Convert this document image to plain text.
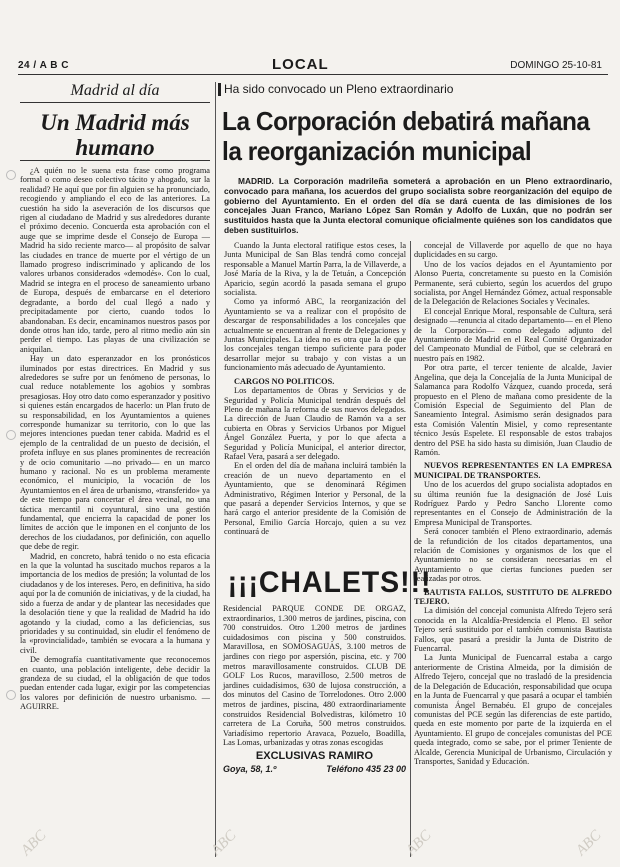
24 / A B C	LOCAL	DOMINGO 25-10-81
Madrid al día
Un Madrid más humano

¿A quién no le suena esta frase como programa formal o como deseo colectivo tácito y ahogado, sur la realidad? He aquí que por fin alguien se ha pronunciado, recogiendo y ampliando el eco de las anteriores. La cuestión ha sido la aseveración de los discursos que rigen al ciudadano de Madrid y sus alrededores durante el próximo decenio. Concuerda esta aprobación con el auge que se imprime desde el Consejo de Europa —Madrid ha sido reciente marco— al propósito de salvar las ciudades en trance de muerte por el vértigo de un llamado progreso indiscriminado y aplicando de los valores urbanos considerados «demodés». Con lo cual, Madrid se integra en el proceso de saneamiento urbano de Europa, después de embarcarse en el deterioro degradante, a bordo del cual llegó a nado y precipitadamente por cierto, cuando todos lo abandonaban. Es decir, encaminamos nuestros pasos por donde otros han ido, tarde, pero al ritmo medio aún sin perder el tiempo. Las playas de una civilización se aniquilan.

Hay un dato esperanzador en los pronósticos iluminados por estas directrices. En Madrid y sus alrededores se sufre por un fenómeno de personas, lo cual reduce notablemente los agobios y sombras presagiosas. Hoy otro dato como esperanzador y positivo si quienes están encargados de hacerlo: un Plan fruto de su responsabilidad, en los Ayuntamientos a quienes corresponde humanizar su territorio, con lo que las mejores intenciones puedan tener cabida. Madrid es el ejemplo de la centralidad de un puesto de decisión, el profeta influye en sus planes prominentes de recreación y de ocio comunitario —no privado— en un marco humano y racional. No es un problema meramente económico, el municipio, la vocación de los Ayuntamientos en el área de urbanismo, «transferido» ya de este tiempo para concertar el área vecinal, no una táctica mercantil ni coyuntural, sino una gestión fundamental, que encierra la capacidad de poner los límites de acción que le imponen en el conjunto de los derechos de los ciudadanos, por definición, con aquello que debe de regir.

Madrid, en concreto, habrá tenido o no esta eficacia en la que la voluntad ha suscitado muchos reparos a la importancia de los medios de presión; la voluntad de los ciudadanos y de los intereses. Pero, en definitiva, ha sido aquí por la de comunión de iniciativas, y de la ciudad, ha sido a fuerza de andar y de plantear las necesidades que la desolación tiene y que la realidad de Madrid ha ido agotando y la ciudad, como a las deficiencias, sus prioridades y su continuidad, sin eludir el fenómeno de la «provincialidad», también se evocara a la humana y civil.

De demografía cuantitativamente que reconocemos en cuanto, una población inteligente, debe decidir la grandeza de su ciudad, el la obligación de que todos puedan entender cada lugar, exigir por las competencias los valores por definición de nuestro urbanismo. —AGUIRRE.

Ha sido convocado un Pleno extraordinario
La Corporación debatirá mañana la reorganización municipal

MADRID. La Corporación madrileña someterá a aprobación en un Pleno extraordinario, convocado para mañana, los acuerdos del grupo socialista sobre reorganización del equipo de gobierno del Ayuntamiento. En el orden del día se dará cuenta de las dimisiones de los concejales Juan Franco, Mariano López San Román y Adolfo de Luxán, que no podrán ser sustituidos hasta que la Junta electoral comunique oficialmente quiénes son los candidatos que deben sustituirlos.

Cuando la Junta electoral ratifique estos ceses, la Junta Municipal de San Blas tendrá como concejal responsable a Manuel Martín Parra, la de Villaverde, a José María de la Riva, y la de Tetuán, a Concepción Aparicio, según acordó la pasada semana el grupo socialista.

Como ya informó ABC, la reorganización del Ayuntamiento se va a realizar con el propósito de descargar de responsabilidades a los concejales que actualmente se encuentran al frente de Delegaciones y Juntas Municipales. La idea no es otra que la de que los concejales tengan tiempo suficiente para poder desarrollar mejor su trabajo y con vistas a un funcionamiento más adecuado de Ayuntamiento.

CARGOS NO POLITICOS.

Los departamentos de Obras y Servicios y de Seguridad y Policía Municipal tendrán después del Pleno de mañana la reforma de sus nuevos delegados. La dirección de Juan Claudio de Ramón va a ser cubierta en Obras y Servicios Urbanos por Miguel Ángel González Puerta, y por lo que afecta a Seguridad y Policía Municipal, el anterior director, Rafael Vera, pasará a ser delegado.

En el orden del día de mañana incluirá también la creación de un nuevo departamento en el Ayuntamiento, que se denominará Régimen Administrativo, Régimen Interior y Personal, de la que pasará a depender Servicios Internos, y que se hará cargo el anterior presidente de la Comisión de Personal, Emilio García Horcajo, quien a su vez continuará de

concejal de Villaverde por aquello de que no haya duplicidades en su cargo.

Uno de los vacíos dejados en el Ayuntamiento por Alonso Puerta, concretamente su puesto en la Comisión Permanente, será cubierto, según los acuerdos del grupo socialista, por Angel Hernández Gómez, actual responsable de la Delegación de Relaciones Sociales y Vecinales.

El concejal Enrique Moral, responsable de Cultura, será designado —renuncia al citado departamento— en el Pleno de la Corporación— como delegado adjunto del Ayuntamiento de Madrid en el Real Comité Organizador del Campeonato Mundial de Fútbol, que se celebrará en nuestro país en 1982.

Por otra parte, el tercer teniente de alcalde, Javier Angelina, que deja la Concejalía de la Junta Municipal de Salamanca para Rodolfo Vázquez, cuando proceda, será propuesto en el Pleno de mañana como presidente de la Comisión Especial de Seguimiento del Plan de Saneamiento Integral. Asimismo serán designados para esta Comisión Valentín Misiel, y como representante técnico Jesús Espelete. El responsable de estos trabajos dentro del PSE ha sido hasta su dimisión, Juan Claudio de Ramón.

NUEVOS REPRESENTANTES EN LA EMPRESA MUNICIPAL DE TRANSPORTES.

Uno de los acuerdos del grupo socialista adoptados en su última reunión fue la designación de José Luis Rodríguez Pardo y Pedro Sancho Llorente como representantes en el Consejo de Administración de la Empresa Municipal de Transportes.

Será conocer también el Pleno extraordinario, además de la refundición de los citados departamentos, una relación de Comisiones y organismos de los que el Ayuntamiento no se consideran necesarias en el Ayuntamiento o que ciertas funciones pueden ser realizadas por otros.

BAUTISTA FALLOS, SUSTITUTO DE ALFREDO TEJERO.

La dimisión del concejal comunista Alfredo Tejero será conocida en la Alcaldía-Presidencia el Pleno. El señor Tejero será sustituido por el también comunista Bautista Fallos, que pasará a presidir la Junta de Distrito de Fuencarral.

La Junta Municipal de Fuencarral estaba a cargo anteriormente de Cristina Almeida, por la dimisión de Alfredo Tejero, concejal que no trasladó de la presidencia de la Delegación de Educación, responsabilidad que ocupa en la Junta de Fuencarral y que pasará a ocupar el también comunista Ángel Bernabéu. El grupo de concejales comunistas del PCE según las diferencias de este partido, queda en este momento por parte de la izquierda en el Ayuntamiento. El grupo de concejales comunistas del PCE queda integrado, como se sabe, por el primer Teniente de Alcalde, Gerencia Municipal de Urbanismo, Circulación y Transportes, Sanidad y Educación.

¡¡¡CHALETS!!!
Residencial PARQUE CONDE DE ORGAZ, extraordinarios, 1.300 metros de jardines, piscina, con 700 construidos. Otro 1.200 metros de jardines cuidadosimos con piscina y 500 construidos. Maravillosa, en SOMOSAGUAS, 3.100 metros de jardines con riego por aspersión, piscina, etc. y 700 metros maravillosamente construidos. CLUB DE GOLF Los Rucos, maravilloso, 2.500 metros de jardines cuidadísimos, 630 de lujosa construcción, a dos minutos del Casino de Torrelodones. Otro 2.000 metros de jardines, piscina, 480 extraordinariamente construidos Residencial Bolvedistras, kilómetro 10 carretera de La Coruña, 500 metros construidos. Variadísimo repertorio Aravaca, Pozuelo, Boadilla, Las Lomas, urbanizadas y otras zonas escogidas
EXCLUSIVAS RAMIRO
Goya, 58, 1.º	Teléfono 435 23 00
ABC	ABC	ABC	ABC
